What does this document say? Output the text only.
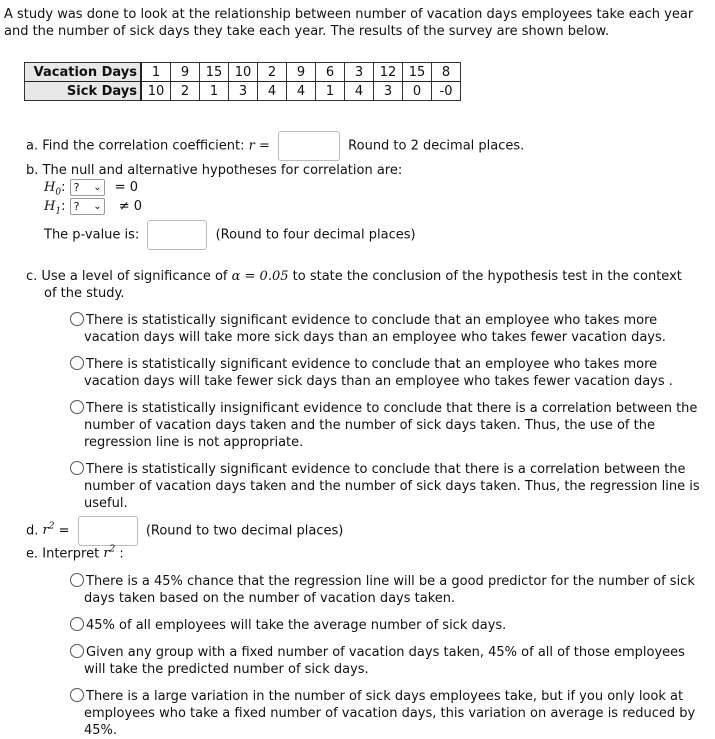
A study was done to look at the relationship between number of vacation days employees take each year and the number of sick days they take each year. The results of the survey are shown below.
Vacation Days	1	9	15	10	2	9	6	3	12	15	8
Sick Days	10	2	1	3	4	4	1	4	3	0	-0
a. Find the correlation coefficient: r =	Round to 2 decimal places.
b. The null and alternative hypotheses for correlation are:
$H_0$: ? ⌄ = 0
$H_1$: ? ⌄ ≠ 0
The p-value is:	(Round to four decimal places)
c. Use a level of significance of α = 0.05 to state the conclusion of the hypothesis test in the context
of the study.
There is statistically significant evidence to conclude that an employee who takes more vacation days will take more sick days than an employee who takes fewer vacation days.
There is statistically significant evidence to conclude that an employee who takes more vacation days will take fewer sick days than an employee who takes fewer vacation days .
There is statistically insignificant evidence to conclude that there is a correlation between the number of vacation days taken and the number of sick days taken. Thus, the use of the regression line is not appropriate.
There is statistically significant evidence to conclude that there is a correlation between the number of vacation days taken and the number of sick days taken. Thus, the regression line is useful.
d. $r^2$ =	(Round to two decimal places)
e. Interpret $r^2$ :
There is a 45% chance that the regression line will be a good predictor for the number of sick days taken based on the number of vacation days taken.
45% of all employees will take the average number of sick days.
Given any group with a fixed number of vacation days taken, 45% of all of those employees will take the predicted number of sick days.
There is a large variation in the number of sick days employees take, but if you only look at employees who take a fixed number of vacation days, this variation on average is reduced by 45%.
